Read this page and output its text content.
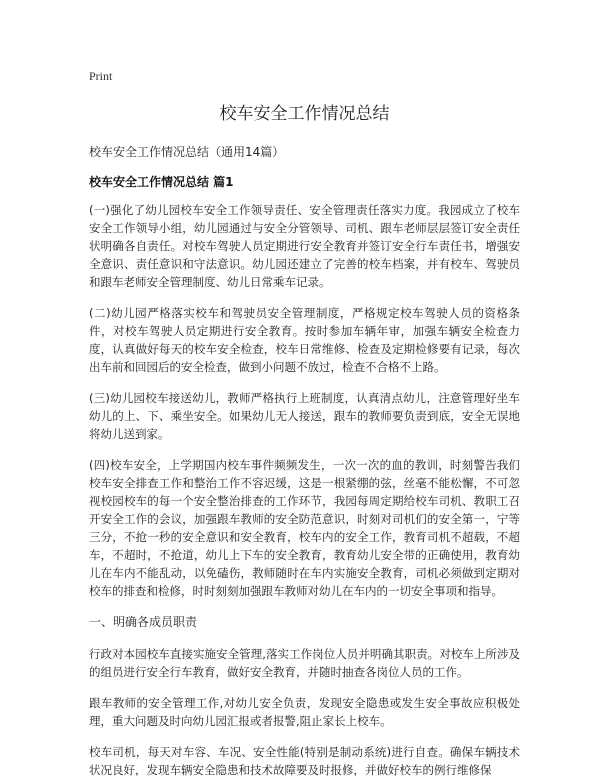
Print
校车安全工作情况总结
校车安全工作情况总结（通用14篇）
校车安全工作情况总结 篇1

(一)强化了幼儿园校车安全工作领导责任、安全管理责任落实力度。我园成立了校车安全工作领导小组，幼儿园通过与安全分管领导、司机、跟车老师层层签订安全责任状明确各自责任。对校车驾驶人员定期进行安全教育并签订安全行车责任书，增强安全意识、责任意识和守法意识。幼儿园还建立了完善的校车档案，并有校车、驾驶员和跟车老师安全管理制度、幼儿日常乘车记录。

(二)幼儿园严格落实校车和驾驶员安全管理制度，严格规定校车驾驶人员的资格条件，对校车驾驶人员定期进行安全教育。按时参加车辆年审，加强车辆安全检查力度，认真做好每天的校车安全检查，校车日常维修、检查及定期检修要有记录，每次出车前和回园后的安全检查，做到小问题不放过，检查不合格不上路。

(三)幼儿园校车接送幼儿，教师严格执行上班制度，认真清点幼儿，注意管理好坐车幼儿的上、下、乘坐安全。如果幼儿无人接送，跟车的教师要负责到底，安全无误地将幼儿送到家。

(四)校车安全，上学期国内校车事件频频发生，一次一次的血的教训，时刻警告我们校车安全排查工作和整治工作不容迟缓，这是一根紧绷的弦，丝毫不能松懈，不可忽视校园校车的每一个安全整治排查的工作环节，我园每周定期给校车司机、教职工召开安全工作的会议，加强跟车教师的安全防范意识，时刻对司机们的安全第一，宁等三分，不抢一秒的安全意识和安全教育，校车内的安全工作，教育司机不超载，不超车，不超时，不抢道，幼儿上下车的安全教育，教育幼儿安全带的正确使用，教育幼儿在车内不能乱动，以免磕伤，教师随时在车内实施安全教育，司机必须做到定期对校车的排查和检修，时时刻刻加强跟车教师对幼儿在车内的一切安全事项和指导。

一、明确各成员职责

行政对本园校车直接实施安全管理,落实工作岗位人员并明确其职责。对校车上所涉及的组员进行安全行车教育，做好安全教育，并随时抽查各岗位人员的工作。

跟车教师的安全管理工作,对幼儿安全负责，发现安全隐患或发生安全事故应积极处理，重大问题及时向幼儿园汇报或者报警,阻止家长上校车。

校车司机，每天对车容、车况、安全性能(特别是制动系统)进行自查。确保车辆技术状况良好，发现车辆安全隐患和技术故障要及时报修，并做好校车的例行维修保
